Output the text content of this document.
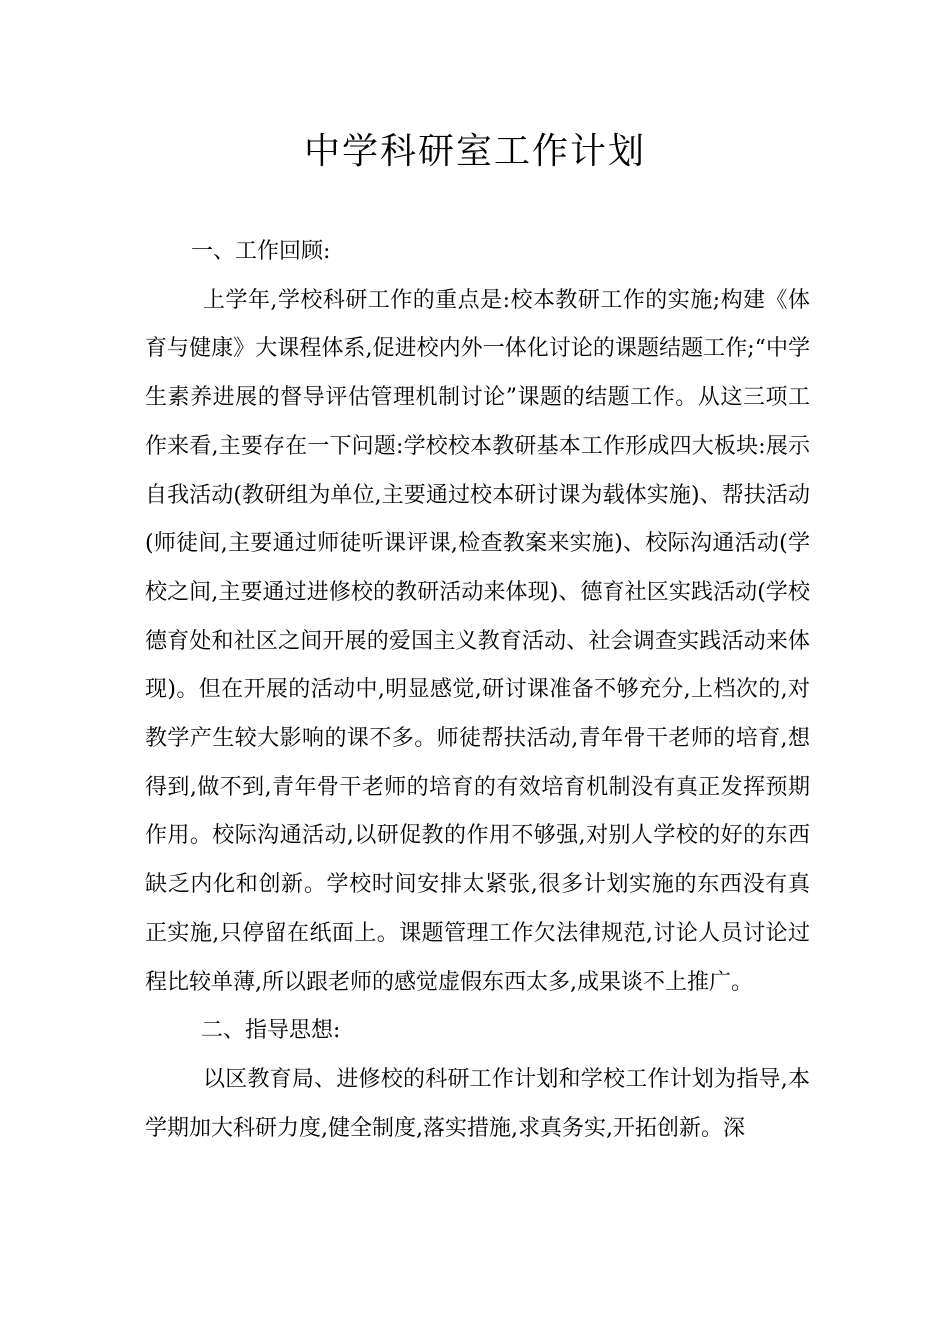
中学科研室工作计划

一、工作回顾:

上学年,学校科研工作的重点是:校本教研工作的实施;构建《体育与健康》大课程体系,促进校内外一体化讨论的课题结题工作;“中学生素养进展的督导评估管理机制讨论”课题的结题工作。从这三项工作来看,主要存在一下问题:学校校本教研基本工作形成四大板块:展示自我活动(教研组为单位,主要通过校本研讨课为载体实施)、帮扶活动(师徒间,主要通过师徒听课评课,检查教案来实施)、校际沟通活动(学校之间,主要通过进修校的教研活动来体现)、德育社区实践活动(学校德育处和社区之间开展的爱国主义教育活动、社会调查实践活动来体现)。但在开展的活动中,明显感觉,研讨课准备不够充分,上档次的,对教学产生较大影响的课不多。师徒帮扶活动,青年骨干老师的培育,想得到,做不到,青年骨干老师的培育的有效培育机制没有真正发挥预期作用。校际沟通活动,以研促教的作用不够强,对别人学校的好的东西缺乏内化和创新。学校时间安排太紧张,很多计划实施的东西没有真正实施,只停留在纸面上。课题管理工作欠法律规范,讨论人员讨论过程比较单薄,所以跟老师的感觉虚假东西太多,成果谈不上推广。

二、指导思想:

以区教育局、进修校的科研工作计划和学校工作计划为指导,本学期加大科研力度,健全制度,落实措施,求真务实,开拓创新。深
